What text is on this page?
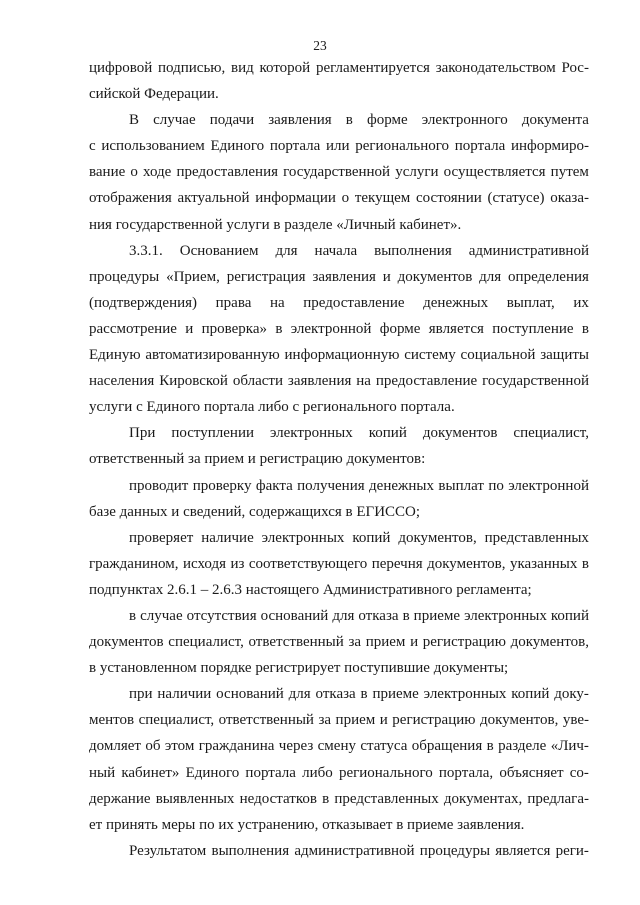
23
цифровой подписью, вид которой регламентируется законодательством Рос-
сийской Федерации.
В случае подачи заявления в форме электронного документа
с использованием Единого портала или регионального портала информиро-
вание о ходе предоставления государственной услуги осуществляется путем
отображения актуальной информации о текущем состоянии (статусе) оказа-
ния государственной услуги в разделе «Личный кабинет».
3.3.1. Основанием для начала выполнения административной
процедуры «Прием, регистрация заявления и документов для определения
(подтверждения) права на предоставление денежных выплат, их
рассмотрение и проверка» в электронной форме является поступление в
Единую автоматизированную информационную систему социальной защиты
населения Кировской области заявления на предоставление государственной
услуги с Единого портала либо с регионального портала.
При поступлении электронных копий документов специалист,
ответственный за прием и регистрацию документов:
проводит проверку факта получения денежных выплат по электронной
базе данных и сведений, содержащихся в ЕГИССО;
проверяет наличие электронных копий документов, представленных
гражданином, исходя из соответствующего перечня документов, указанных в
подпунктах 2.6.1 – 2.6.3 настоящего Административного регламента;
в случае отсутствия оснований для отказа в приеме электронных копий
документов специалист, ответственный за прием и регистрацию документов,
в установленном порядке регистрирует поступившие документы;
при наличии оснований для отказа в приеме электронных копий доку-
ментов специалист, ответственный за прием и регистрацию документов, уве-
домляет об этом гражданина через смену статуса обращения в разделе «Лич-
ный кабинет» Единого портала либо регионального портала, объясняет со-
держание выявленных недостатков в представленных документах, предлага-
ет принять меры по их устранению, отказывает в приеме заявления.
Результатом выполнения административной процедуры является реги-
